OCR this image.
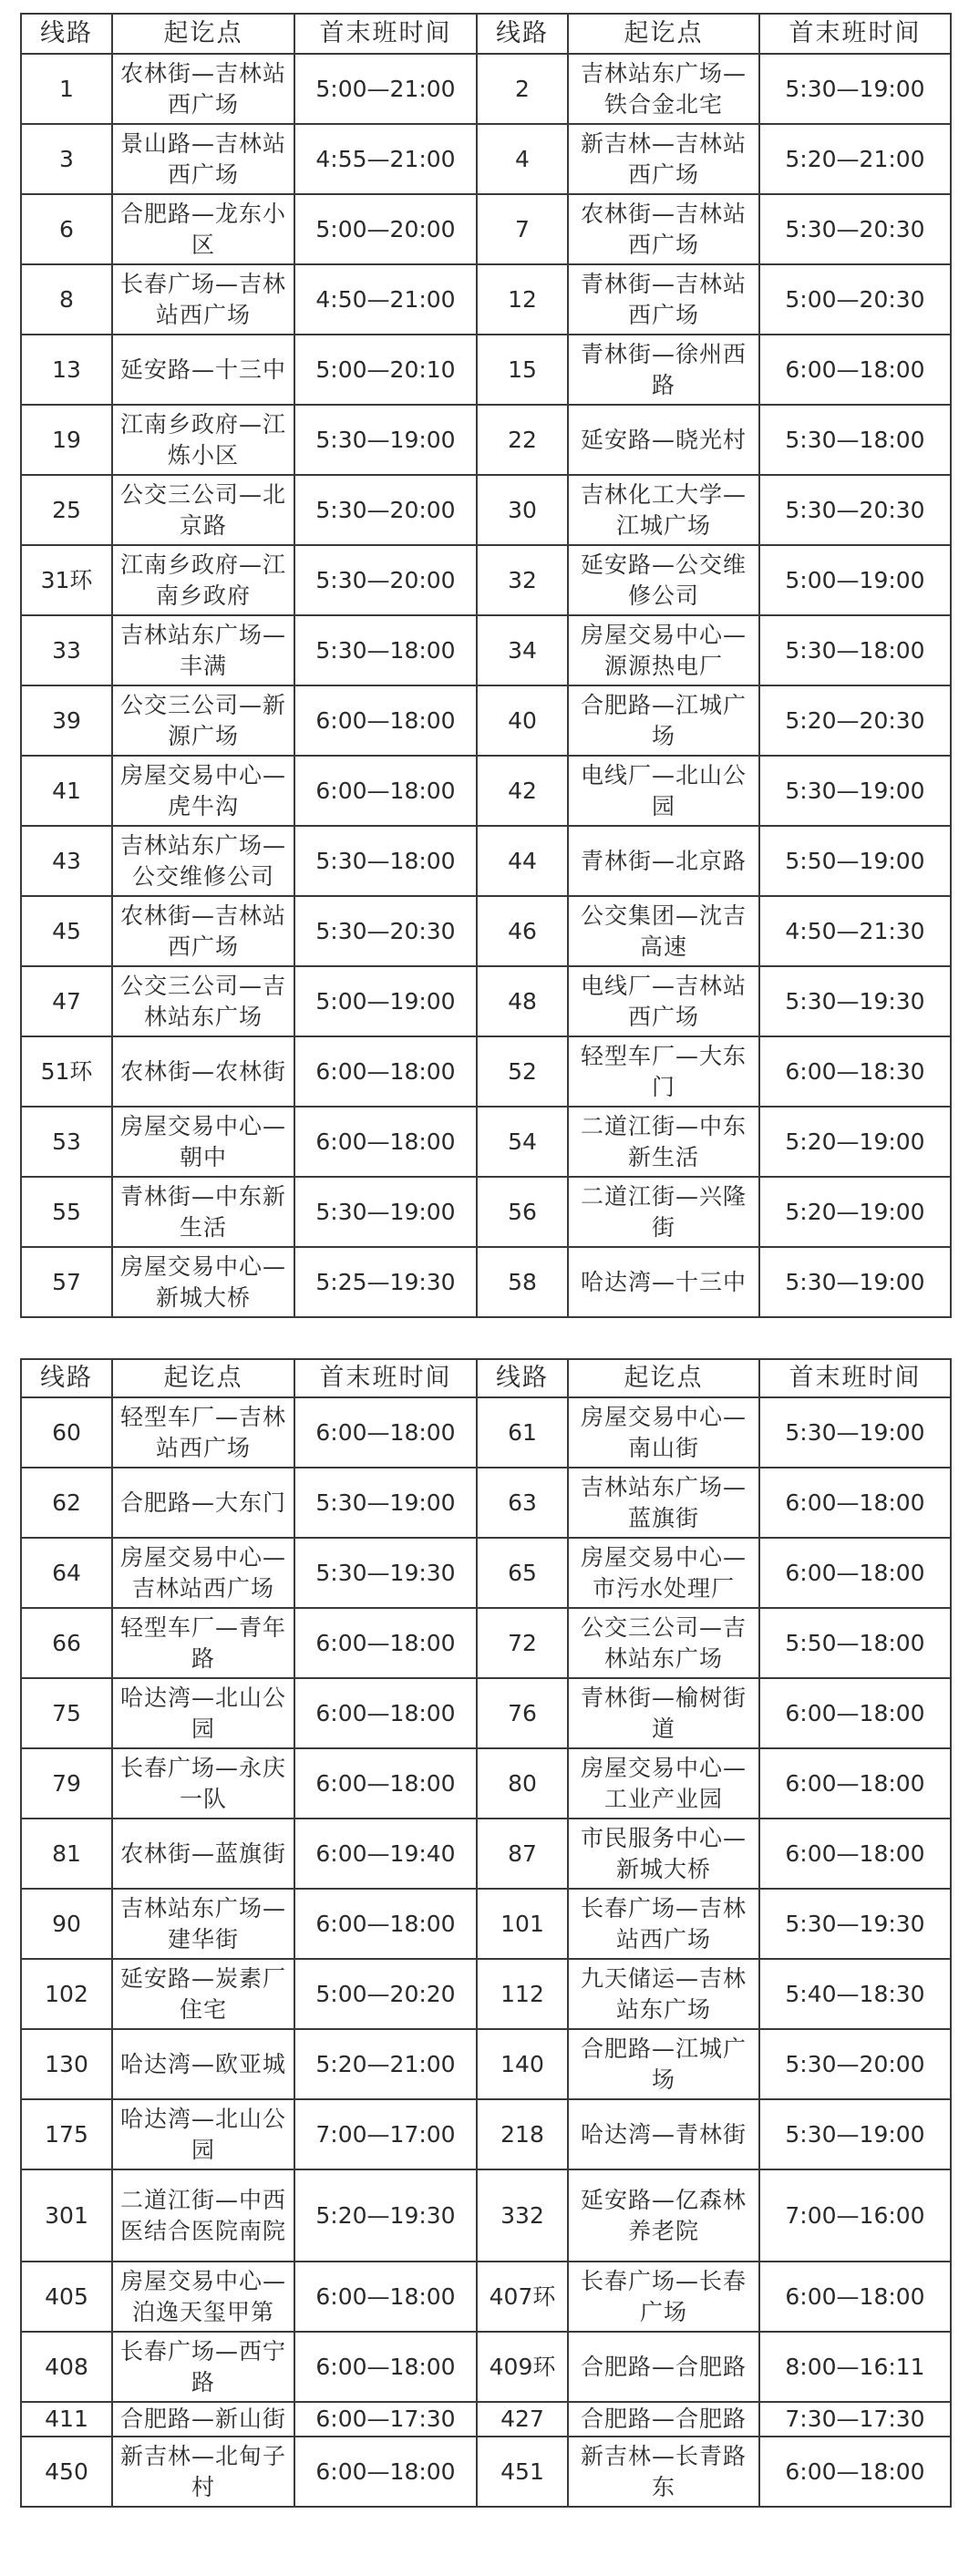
线路	起讫点	首末班时间	线路	起讫点	首末班时间
1	农林街—吉林站西广场	5:00—21:00	2	吉林站东广场—铁合金北宅	5:30—19:00
3	景山路—吉林站西广场	4:55—21:00	4	新吉林—吉林站西广场	5:20—21:00
6	合肥路—龙东小区	5:00—20:00	7	农林街—吉林站西广场	5:30—20:30
8	长春广场—吉林站西广场	4:50—21:00	12	青林街—吉林站西广场	5:00—20:30
13	延安路—十三中	5:00—20:10	15	青林街—徐州西路	6:00—18:00
19	江南乡政府—江炼小区	5:30—19:00	22	延安路—晓光村	5:30—18:00
25	公交三公司—北京路	5:30—20:00	30	吉林化工大学—江城广场	5:30—20:30
31环	江南乡政府—江南乡政府	5:30—20:00	32	延安路—公交维修公司	5:00—19:00
33	吉林站东广场—丰满	5:30—18:00	34	房屋交易中心—源源热电厂	5:30—18:00
39	公交三公司—新源广场	6:00—18:00	40	合肥路—江城广场	5:20—20:30
41	房屋交易中心—虎牛沟	6:00—18:00	42	电线厂—北山公园	5:30—19:00
43	吉林站东广场—公交维修公司	5:30—18:00	44	青林街—北京路	5:50—19:00
45	农林街—吉林站西广场	5:30—20:30	46	公交集团—沈吉高速	4:50—21:30
47	公交三公司—吉林站东广场	5:00—19:00	48	电线厂—吉林站西广场	5:30—19:30
51环	农林街—农林街	6:00—18:00	52	轻型车厂—大东门	6:00—18:30
53	房屋交易中心—朝中	6:00—18:00	54	二道江街—中东新生活	5:20—19:00
55	青林街—中东新生活	5:30—19:00	56	二道江街—兴隆街	5:20—19:00
57	房屋交易中心—新城大桥	5:25—19:30	58	哈达湾—十三中	5:30—19:00
线路	起讫点	首末班时间	线路	起讫点	首末班时间
60	轻型车厂—吉林站西广场	6:00—18:00	61	房屋交易中心—南山街	5:30—19:00
62	合肥路—大东门	5:30—19:00	63	吉林站东广场—蓝旗街	6:00—18:00
64	房屋交易中心—吉林站西广场	5:30—19:30	65	房屋交易中心—市污水处理厂	6:00—18:00
66	轻型车厂—青年路	6:00—18:00	72	公交三公司—吉林站东广场	5:50—18:00
75	哈达湾—北山公园	6:00—18:00	76	青林街—榆树街道	6:00—18:00
79	长春广场—永庆一队	6:00—18:00	80	房屋交易中心—工业产业园	6:00—18:00
81	农林街—蓝旗街	6:00—19:40	87	市民服务中心—新城大桥	6:00—18:00
90	吉林站东广场—建华街	6:00—18:00	101	长春广场—吉林站西广场	5:30—19:30
102	延安路—炭素厂住宅	5:00—20:20	112	九天储运—吉林站东广场	5:40—18:30
130	哈达湾—欧亚城	5:20—21:00	140	合肥路—江城广场	5:30—20:00
175	哈达湾—北山公园	7:00—17:00	218	哈达湾—青林街	5:30—19:00
301	二道江街—中西医结合医院南院	5:20—19:30	332	延安路—亿森林养老院	7:00—16:00
405	房屋交易中心—泊逸天玺甲第	6:00—18:00	407环	长春广场—长春广场	6:00—18:00
408	长春广场—西宁路	6:00—18:00	409环	合肥路—合肥路	8:00—16:11
411	合肥路—新山街	6:00—17:30	427	合肥路—合肥路	7:30—17:30
450	新吉林—北甸子村	6:00—18:00	451	新吉林—长青路东	6:00—18:00
